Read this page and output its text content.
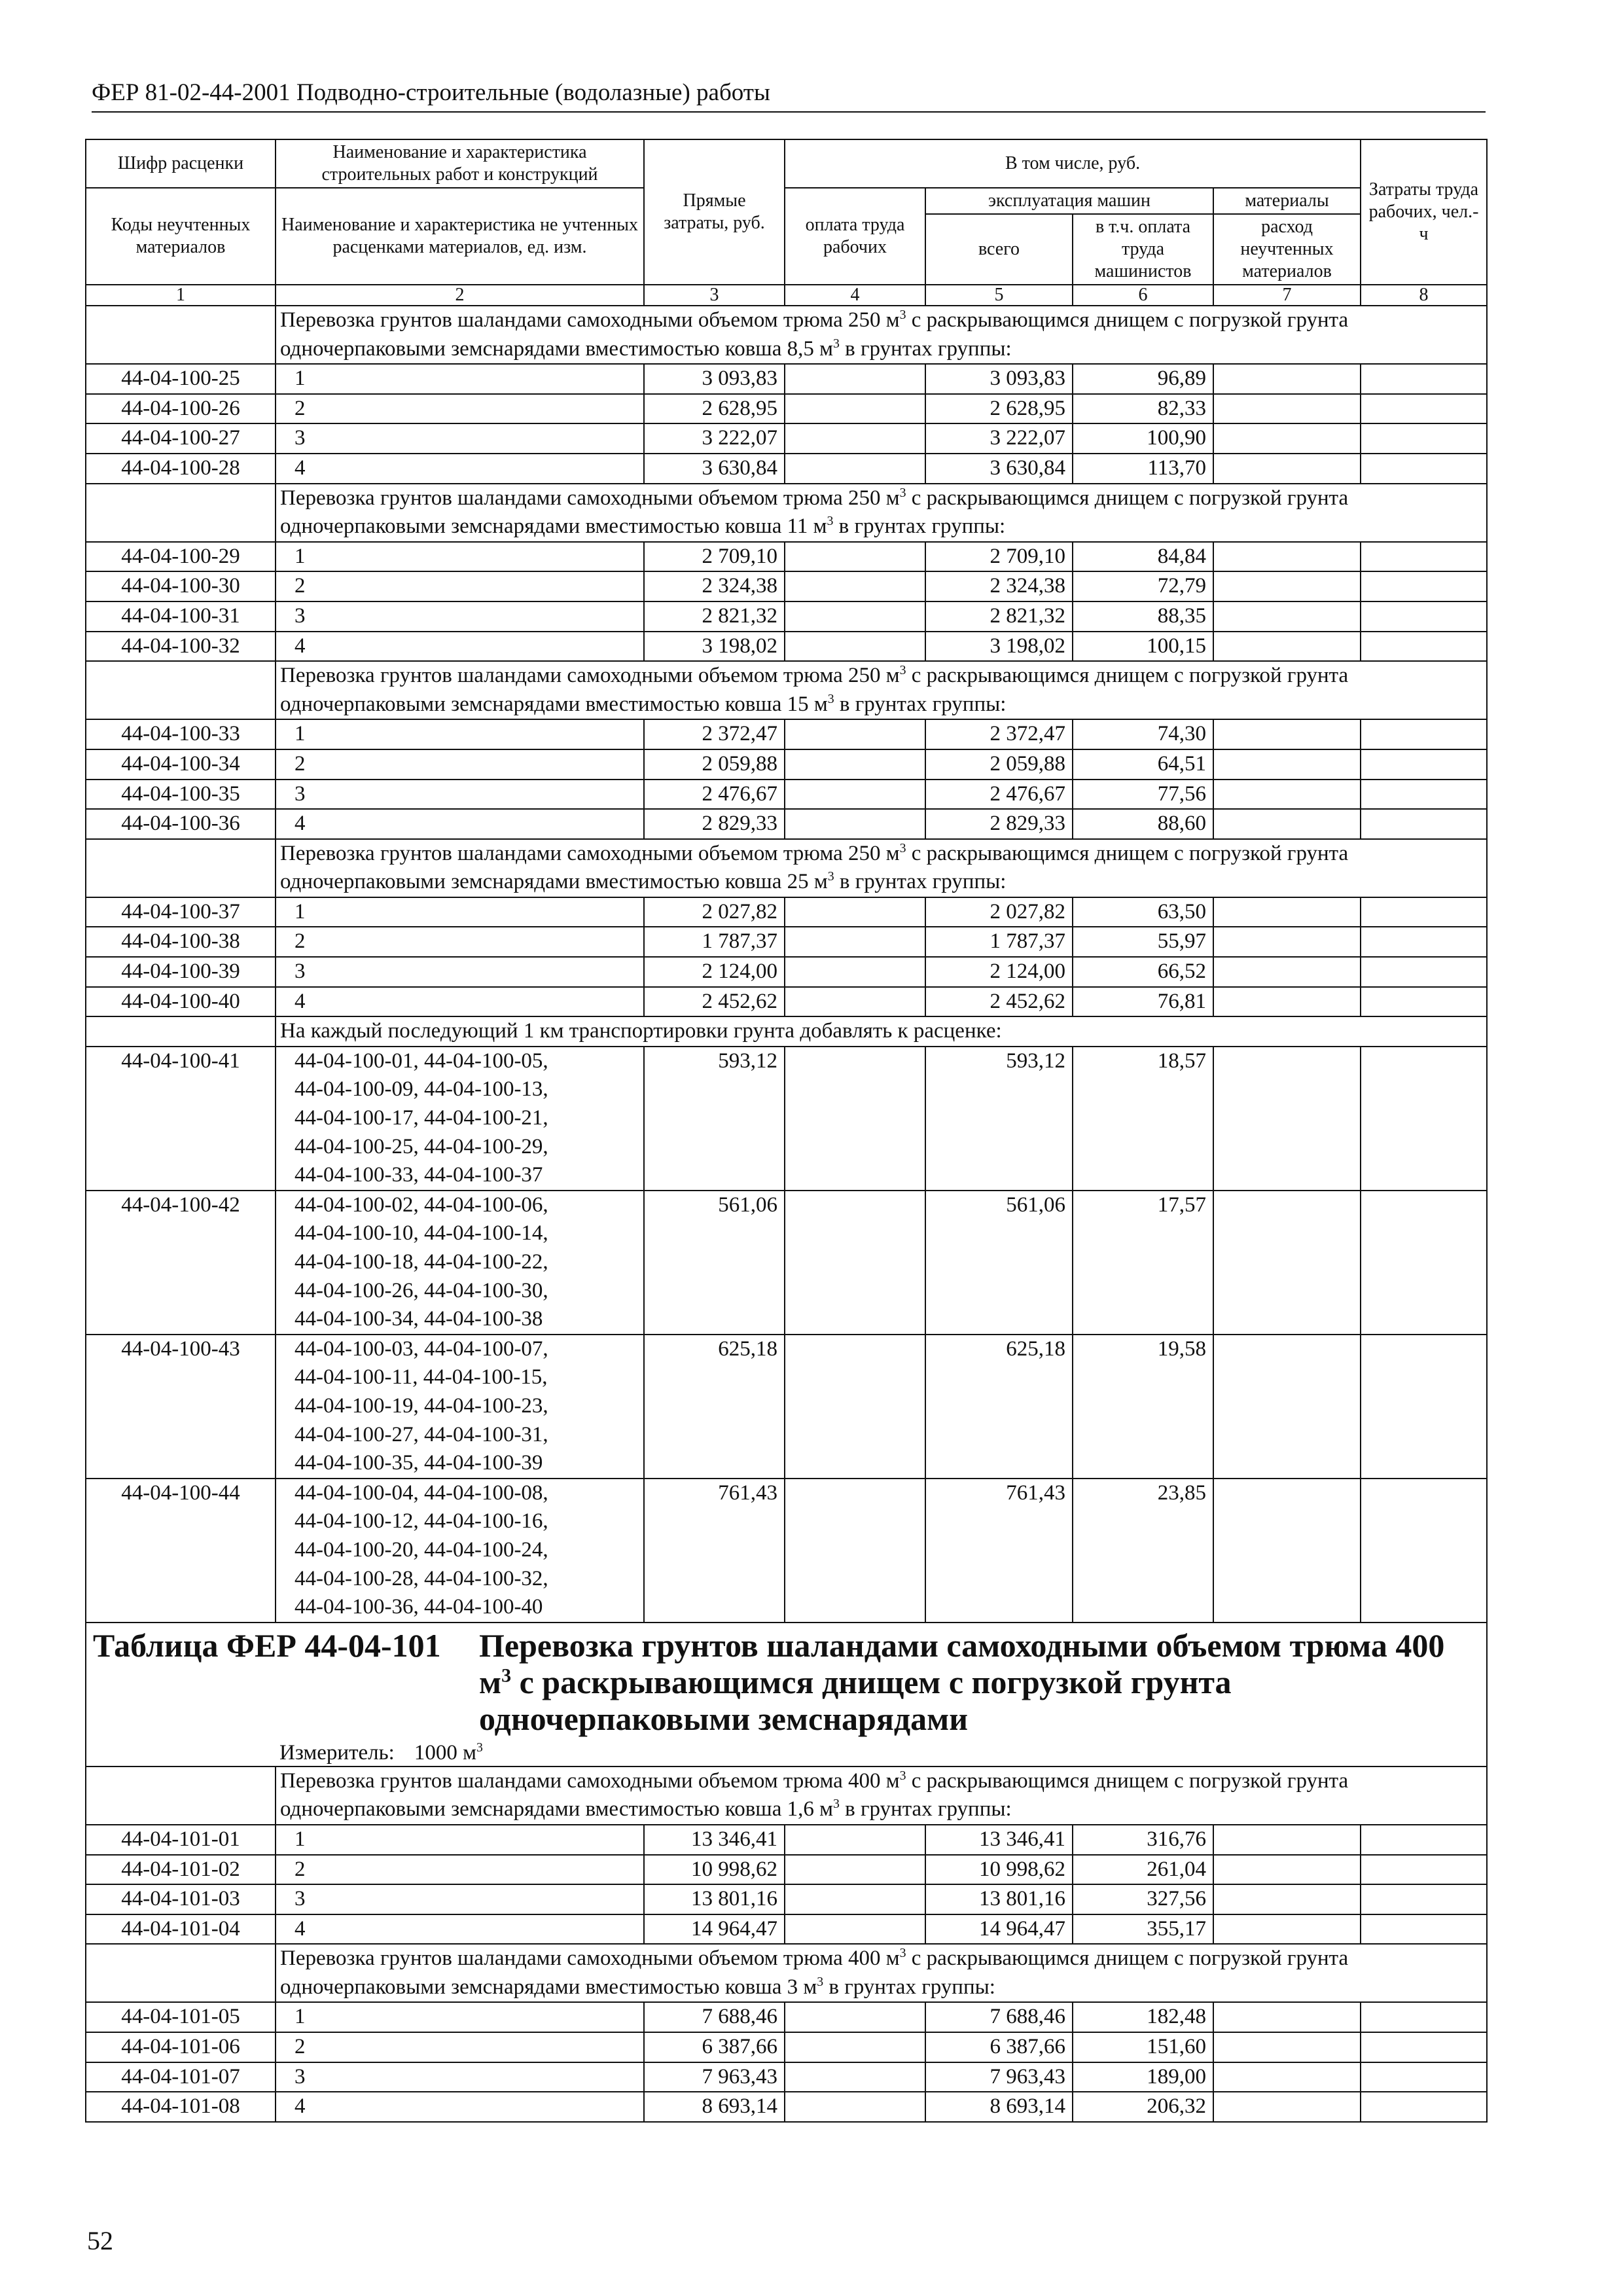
ФЕР 81-02-44-2001 Подводно-строительные (водолазные) работы
Шифр расценки	Наименование и характеристика строительных работ и конструкций	Прямые затраты, руб.	В том числе, руб.				Затраты труда рабочих, чел.-ч
Коды неучтенных материалов	Наименование и характеристика не учтенных расценками материалов, ед. изм.		оплата труда рабочих	эксплуатация машин		материалы	
				всего	в т.ч. оплата труда машинистов	расход неучтенных материалов	
1	2	3	4	5	6	7	8
	Перевозка грунтов шаландами самоходными объемом трюма 250 $м^3$ с раскрывающимся днищем с погрузкой грунта одночерпаковыми земснарядами вместимостью ковша 8,5 $м^3$ в грунтах группы:						
44-04-100-25	1	3 093,83		3 093,83	96,89		
44-04-100-26	2	2 628,95		2 628,95	82,33		
44-04-100-27	3	3 222,07		3 222,07	100,90		
44-04-100-28	4	3 630,84		3 630,84	113,70		
	Перевозка грунтов шаландами самоходными объемом трюма 250 $м^3$ с раскрывающимся днищем с погрузкой грунта одночерпаковыми земснарядами вместимостью ковша 11 $м^3$ в грунтах группы:						
44-04-100-29	1	2 709,10		2 709,10	84,84		
44-04-100-30	2	2 324,38		2 324,38	72,79		
44-04-100-31	3	2 821,32		2 821,32	88,35		
44-04-100-32	4	3 198,02		3 198,02	100,15		
	Перевозка грунтов шаландами самоходными объемом трюма 250 $м^3$ с раскрывающимся днищем с погрузкой грунта одночерпаковыми земснарядами вместимостью ковша 15 $м^3$ в грунтах группы:						
44-04-100-33	1	2 372,47		2 372,47	74,30		
44-04-100-34	2	2 059,88		2 059,88	64,51		
44-04-100-35	3	2 476,67		2 476,67	77,56		
44-04-100-36	4	2 829,33		2 829,33	88,60		
	Перевозка грунтов шаландами самоходными объемом трюма 250 $м^3$ с раскрывающимся днищем с погрузкой грунта одночерпаковыми земснарядами вместимостью ковша 25 $м^3$ в грунтах группы:						
44-04-100-37	1	2 027,82		2 027,82	63,50		
44-04-100-38	2	1 787,37		1 787,37	55,97		
44-04-100-39	3	2 124,00		2 124,00	66,52		
44-04-100-40	4	2 452,62		2 452,62	76,81		
	На каждый последующий 1 км транспортировки грунта добавлять к расценке:						
44-04-100-41	44-04-100-01, 44-04-100-05,
44-04-100-09, 44-04-100-13,
44-04-100-17, 44-04-100-21,
44-04-100-25, 44-04-100-29,
44-04-100-33, 44-04-100-37	593,12		593,12	18,57		
44-04-100-42	44-04-100-02, 44-04-100-06,
44-04-100-10, 44-04-100-14,
44-04-100-18, 44-04-100-22,
44-04-100-26, 44-04-100-30,
44-04-100-34, 44-04-100-38	561,06		561,06	17,57		
44-04-100-43	44-04-100-03, 44-04-100-07,
44-04-100-11, 44-04-100-15,
44-04-100-19, 44-04-100-23,
44-04-100-27, 44-04-100-31,
44-04-100-35, 44-04-100-39	625,18		625,18	19,58		
44-04-100-44	44-04-100-04, 44-04-100-08,
44-04-100-12, 44-04-100-16,
44-04-100-20, 44-04-100-24,
44-04-100-28, 44-04-100-32,
44-04-100-36, 44-04-100-40	761,43		761,43	23,85		

Таблица ФЕР 44-04-101 Перевозка грунтов шаландами самоходными объемом трюма 400 $м^3$ с раскрывающимся днищем с погрузкой грунта одночерпаковыми земснарядами
Измеритель: 1000 $м^3$

	Перевозка грунтов шаландами самоходными объемом трюма 400 $м^3$ с раскрывающимся днищем с погрузкой грунта одночерпаковыми земснарядами вместимостью ковша 1,6 $м^3$ в грунтах группы:						
44-04-101-01	1	13 346,41		13 346,41	316,76		
44-04-101-02	2	10 998,62		10 998,62	261,04		
44-04-101-03	3	13 801,16		13 801,16	327,56		
44-04-101-04	4	14 964,47		14 964,47	355,17		
	Перевозка грунтов шаландами самоходными объемом трюма 400 $м^3$ с раскрывающимся днищем с погрузкой грунта одночерпаковыми земснарядами вместимостью ковша 3 $м^3$ в грунтах группы:						
44-04-101-05	1	7 688,46		7 688,46	182,48		
44-04-101-06	2	6 387,66		6 387,66	151,60		
44-04-101-07	3	7 963,43		7 963,43	189,00		
44-04-101-08	4	8 693,14		8 693,14	206,32		
52
